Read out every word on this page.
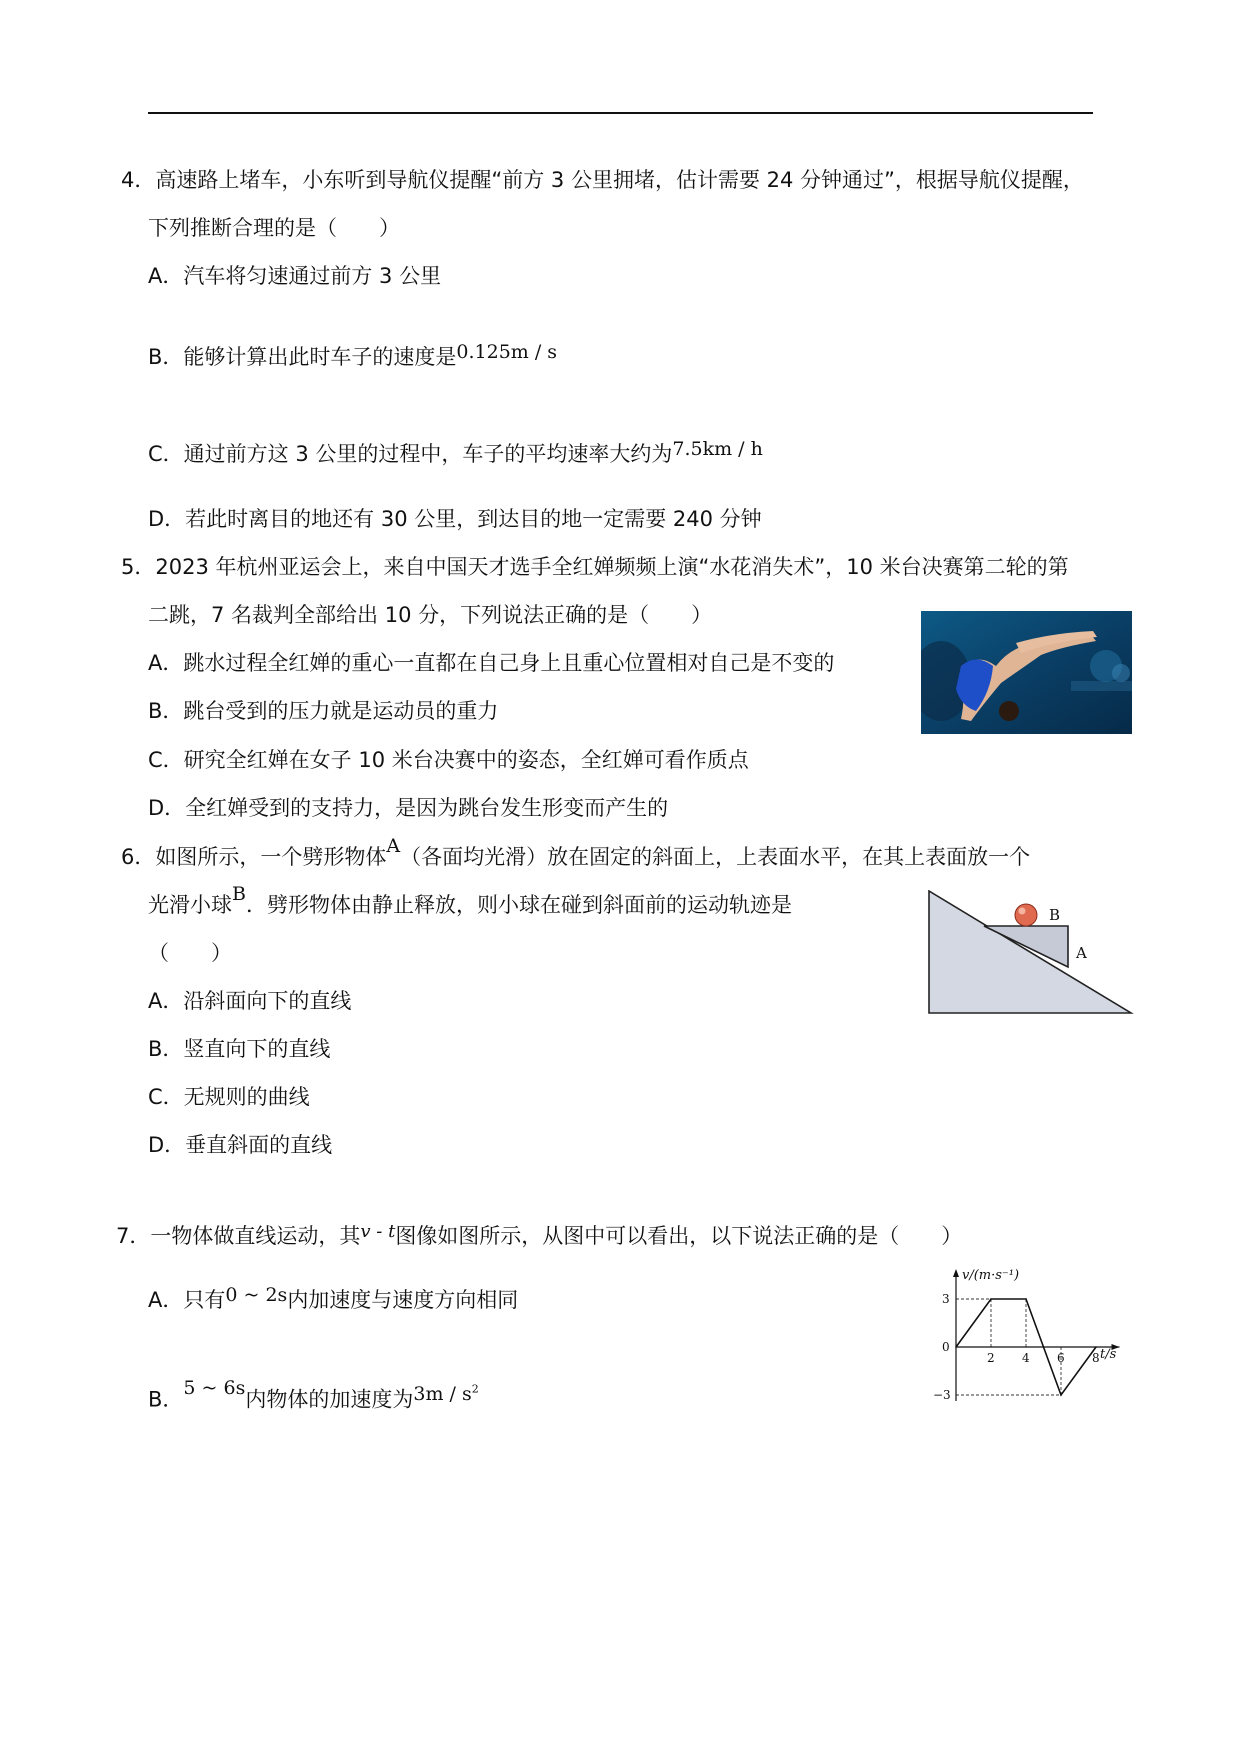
4．高速路上堵车，小东听到导航仪提醒“前方 3 公里拥堵，估计需要 24 分钟通过”，根据导航仪提醒，
下列推断合理的是（　　）
A．汽车将匀速通过前方 3 公里
B．能够计算出此时车子的速度是0.125m / s
C．通过前方这 3 公里的过程中，车子的平均速率大约为7.5km / h
D．若此时离目的地还有 30 公里，到达目的地一定需要 240 分钟
5．2023 年杭州亚运会上，来自中国天才选手全红婵频频上演“水花消失术”，10 米台决赛第二轮的第
二跳，7 名裁判全部给出 10 分，下列说法正确的是（　　）
A．跳水过程全红婵的重心一直都在自己身上且重心位置相对自己是不变的
B．跳台受到的压力就是运动员的重力
C．研究全红婵在女子 10 米台决赛中的姿态，全红婵可看作质点
D．全红婵受到的支持力，是因为跳台发生形变而产生的
6．如图所示，一个劈形物体A（各面均光滑）放在固定的斜面上，上表面水平，在其上表面放一个
光滑小球B．劈形物体由静止释放，则小球在碰到斜面前的运动轨迹是
（　　）
A．沿斜面向下的直线
B．竖直向下的直线
C．无规则的曲线
D．垂直斜面的直线
B
A
7．一物体做直线运动，其v - t图像如图所示，从图中可以看出，以下说法正确的是（　　）
A．只有0 ~ 2s内加速度与速度方向相同
B．5 ~ 6s内物体的加速度为$3m / s^2$
2 4 6 8
3
0
−3
v/(m·s⁻¹)
t/s
